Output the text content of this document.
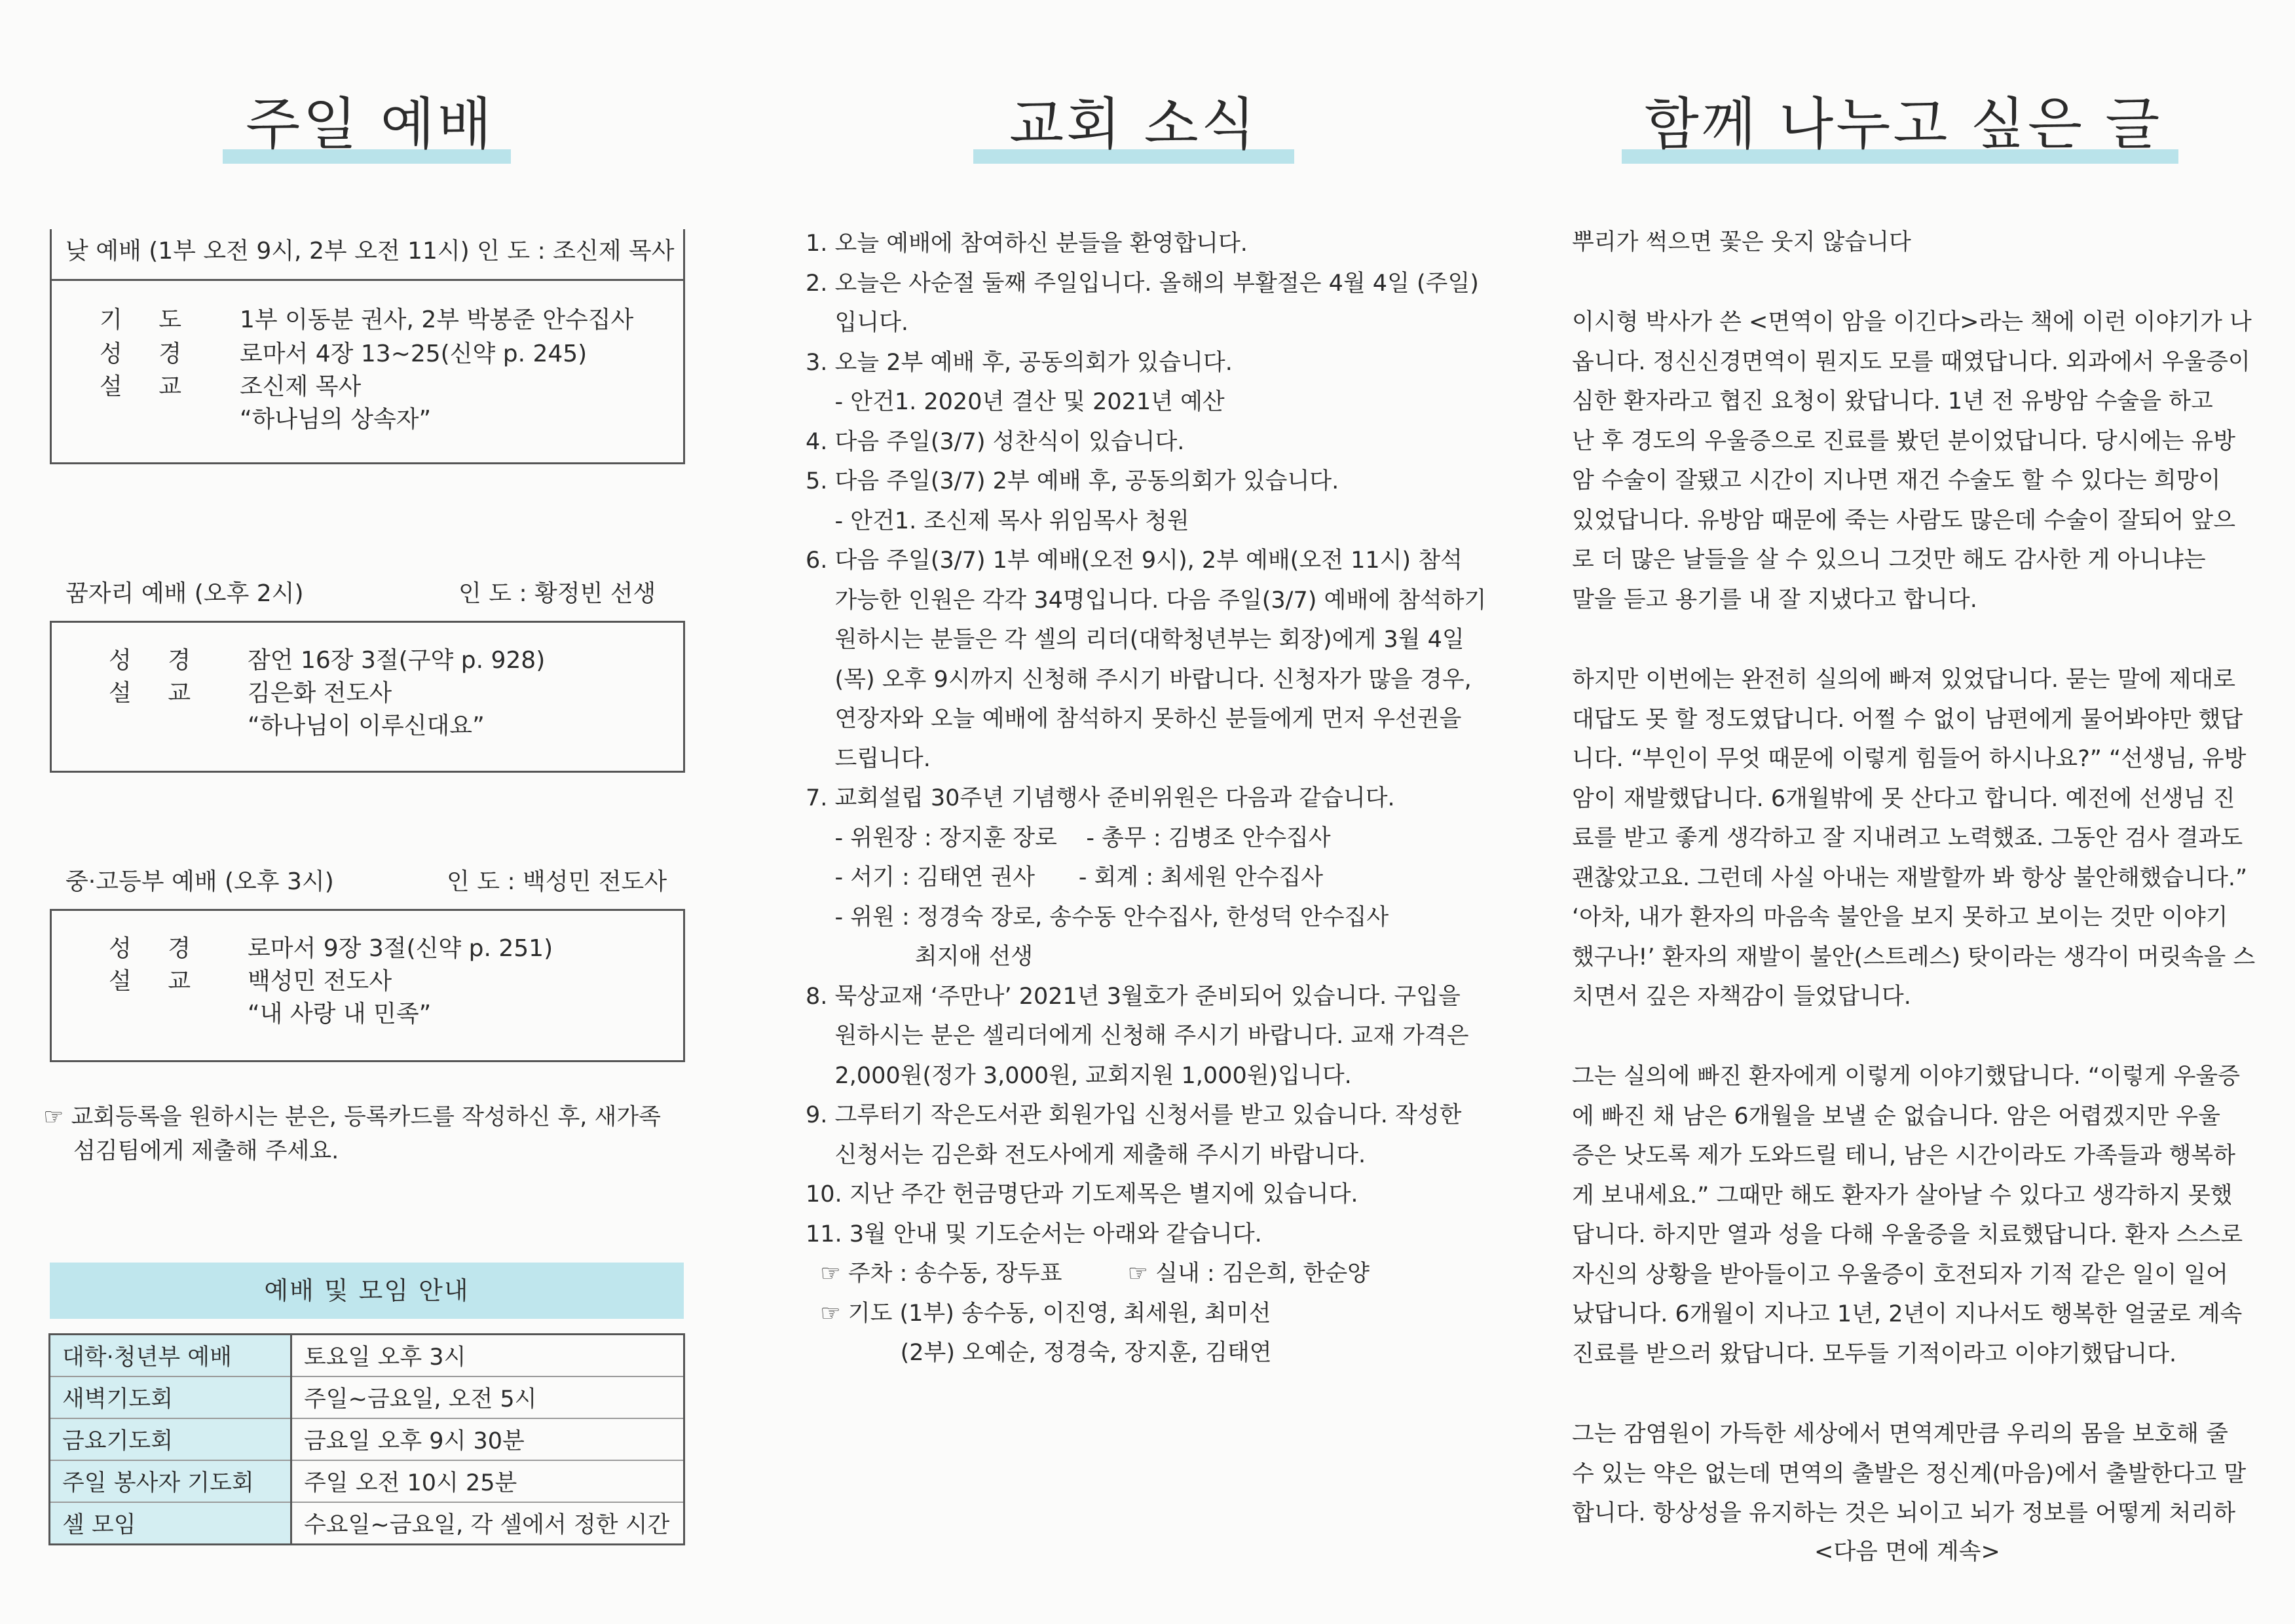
주일 예배
낮 예배 (1부 오전 9시, 2부 오전 11시) 인 도 : 조신제 목사
기 도 1부 이동분 권사, 2부 박봉준 안수집사
성 경 로마서 4장 13~25(신약 p. 245)
설 교 조신제 목사
“하나님의 상속자”
꿈자리 예배 (오후 2시)	인 도 : 황정빈 선생
성 경 잠언 16장 3절(구약 p. 928)
설 교 김은화 전도사
“하나님이 이루신대요”
중·고등부 예배 (오후 3시)	인 도 : 백성민 전도사
성 경 로마서 9장 3절(신약 p. 251)
설 교 백성민 전도사
“내 사랑 내 민족”
☞ 교회등록을 원하시는 분은, 등록카드를 작성하신 후, 새가족
섬김팀에게 제출해 주세요.
예배 및 모임 안내
대학·청년부 예배	토요일 오후 3시
새벽기도회	주일~금요일, 오전 5시
금요기도회	금요일 오후 9시 30분
주일 봉사자 기도회	주일 오전 10시 25분
셀 모임	수요일~금요일, 각 셀에서 정한 시간
교회 소식
1. 오늘 예배에 참여하신 분들을 환영합니다.
2. 오늘은 사순절 둘째 주일입니다. 올해의 부활절은 4월 4일 (주일)
입니다.
3. 오늘 2부 예배 후, 공동의회가 있습니다.
- 안건1. 2020년 결산 및 2021년 예산
4. 다음 주일(3/7) 성찬식이 있습니다.
5. 다음 주일(3/7) 2부 예배 후, 공동의회가 있습니다.
- 안건1. 조신제 목사 위임목사 청원
6. 다음 주일(3/7) 1부 예배(오전 9시), 2부 예배(오전 11시) 참석
가능한 인원은 각각 34명입니다. 다음 주일(3/7) 예배에 참석하기
원하시는 분들은 각 셀의 리더(대학청년부는 회장)에게 3월 4일
(목) 오후 9시까지 신청해 주시기 바랍니다. 신청자가 많을 경우,
연장자와 오늘 예배에 참석하지 못하신 분들에게 먼저 우선권을
드립니다.
7. 교회설립 30주년 기념행사 준비위원은 다음과 같습니다.
- 위원장 : 장지훈 장로    - 총무 : 김병조 안수집사
- 서기 : 김태연 권사      - 회계 : 최세원 안수집사
- 위원 : 정경숙 장로, 송수동 안수집사, 한성덕 안수집사
최지애 선생
8. 묵상교재 ‘주만나’ 2021년 3월호가 준비되어 있습니다. 구입을
원하시는 분은 셀리더에게 신청해 주시기 바랍니다. 교재 가격은
2,000원(정가 3,000원, 교회지원 1,000원)입니다.
9. 그루터기 작은도서관 회원가입 신청서를 받고 있습니다. 작성한
신청서는 김은화 전도사에게 제출해 주시기 바랍니다.
10. 지난 주간 헌금명단과 기도제목은 별지에 있습니다.
11. 3월 안내 및 기도순서는 아래와 같습니다.
☞ 주차 : 송수동, 장두표         ☞ 실내 : 김은희, 한순양
☞ 기도 (1부) 송수동, 이진영, 최세원, 최미선
(2부) 오예순, 정경숙, 장지훈, 김태연
함께 나누고 싶은 글
뿌리가 썩으면 꽃은 웃지 않습니다
이시형 박사가 쓴 <면역이 암을 이긴다>라는 책에 이런 이야기가 나
옵니다. 정신신경면역이 뭔지도 모를 때였답니다. 외과에서 우울증이
심한 환자라고 협진 요청이 왔답니다. 1년 전 유방암 수술을 하고
난 후 경도의 우울증으로 진료를 봤던 분이었답니다. 당시에는 유방
암 수술이 잘됐고 시간이 지나면 재건 수술도 할 수 있다는 희망이
있었답니다. 유방암 때문에 죽는 사람도 많은데 수술이 잘되어 앞으
로 더 많은 날들을 살 수 있으니 그것만 해도 감사한 게 아니냐는
말을 듣고 용기를 내 잘 지냈다고 합니다.
하지만 이번에는 완전히 실의에 빠져 있었답니다. 묻는 말에 제대로
대답도 못 할 정도였답니다. 어쩔 수 없이 남편에게 물어봐야만 했답
니다. “부인이 무엇 때문에 이렇게 힘들어 하시나요?” “선생님, 유방
암이 재발했답니다. 6개월밖에 못 산다고 합니다. 예전에 선생님 진
료를 받고 좋게 생각하고 잘 지내려고 노력했죠. 그동안 검사 결과도
괜찮았고요. 그런데 사실 아내는 재발할까 봐 항상 불안해했습니다.”
‘아차, 내가 환자의 마음속 불안을 보지 못하고 보이는 것만 이야기
했구나!’ 환자의 재발이 불안(스트레스) 탓이라는 생각이 머릿속을 스
치면서 깊은 자책감이 들었답니다.
그는 실의에 빠진 환자에게 이렇게 이야기했답니다. “이렇게 우울증
에 빠진 채 남은 6개월을 보낼 순 없습니다. 암은 어렵겠지만 우울
증은 낫도록 제가 도와드릴 테니, 남은 시간이라도 가족들과 행복하
게 보내세요.” 그때만 해도 환자가 살아날 수 있다고 생각하지 못했
답니다. 하지만 열과 성을 다해 우울증을 치료했답니다. 환자 스스로
자신의 상황을 받아들이고 우울증이 호전되자 기적 같은 일이 일어
났답니다. 6개월이 지나고 1년, 2년이 지나서도 행복한 얼굴로 계속
진료를 받으러 왔답니다. 모두들 기적이라고 이야기했답니다.
그는 감염원이 가득한 세상에서 면역계만큼 우리의 몸을 보호해 줄
수 있는 약은 없는데 면역의 출발은 정신계(마음)에서 출발한다고 말
합니다. 항상성을 유지하는 것은 뇌이고 뇌가 정보를 어떻게 처리하
<다음 면에 계속>
